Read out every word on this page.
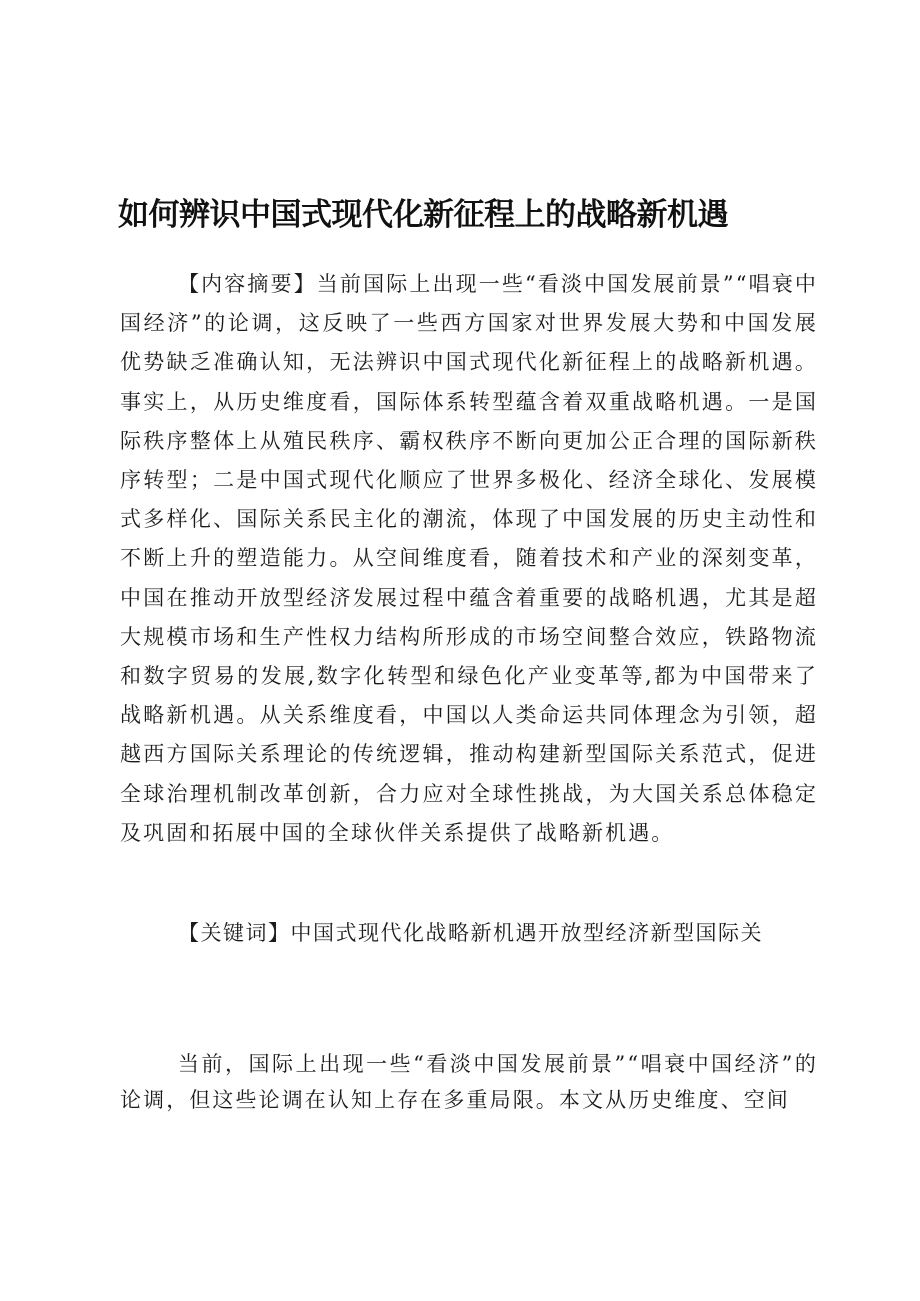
如何辨识中国式现代化新征程上的战略新机遇

【内容摘要】当前国际上出现一些“看淡中国发展前景”“唱衰中国经济”的论调，这反映了一些西方国家对世界发展大势和中国发展优势缺乏准确认知，无法辨识中国式现代化新征程上的战略新机遇。事实上，从历史维度看，国际体系转型蕴含着双重战略机遇。一是国际秩序整体上从殖民秩序、霸权秩序不断向更加公正合理的国际新秩序转型；二是中国式现代化顺应了世界多极化、经济全球化、发展模式多样化、国际关系民主化的潮流，体现了中国发展的历史主动性和不断上升的塑造能力。从空间维度看，随着技术和产业的深刻变革，中国在推动开放型经济发展过程中蕴含着重要的战略机遇，尤其是超大规模市场和生产性权力结构所形成的市场空间整合效应，铁路物流和数字贸易的发展,数字化转型和绿色化产业变革等,都为中国带来了战略新机遇。从关系维度看，中国以人类命运共同体理念为引领，超越西方国际关系理论的传统逻辑，推动构建新型国际关系范式，促进全球治理机制改革创新，合力应对全球性挑战，为大国关系总体稳定及巩固和拓展中国的全球伙伴关系提供了战略新机遇。

【关键词】中国式现代化战略新机遇开放型经济新型国际关

当前，国际上出现一些“看淡中国发展前景”“唱衰中国经济”的论调，但这些论调在认知上存在多重局限。本文从历史维度、空间
